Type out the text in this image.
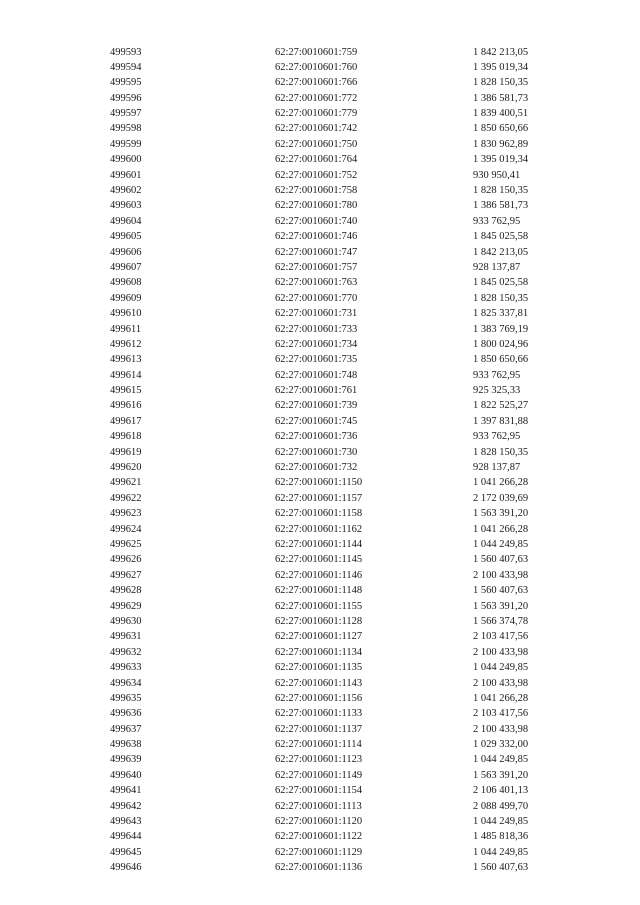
499593	62:27:0010601:759	1 842 213,05
499594	62:27:0010601:760	1 395 019,34
499595	62:27:0010601:766	1 828 150,35
499596	62:27:0010601:772	1 386 581,73
499597	62:27:0010601:779	1 839 400,51
499598	62:27:0010601:742	1 850 650,66
499599	62:27:0010601:750	1 830 962,89
499600	62:27:0010601:764	1 395 019,34
499601	62:27:0010601:752	930 950,41
499602	62:27:0010601:758	1 828 150,35
499603	62:27:0010601:780	1 386 581,73
499604	62:27:0010601:740	933 762,95
499605	62:27:0010601:746	1 845 025,58
499606	62:27:0010601:747	1 842 213,05
499607	62:27:0010601:757	928 137,87
499608	62:27:0010601:763	1 845 025,58
499609	62:27:0010601:770	1 828 150,35
499610	62:27:0010601:731	1 825 337,81
499611	62:27:0010601:733	1 383 769,19
499612	62:27:0010601:734	1 800 024,96
499613	62:27:0010601:735	1 850 650,66
499614	62:27:0010601:748	933 762,95
499615	62:27:0010601:761	925 325,33
499616	62:27:0010601:739	1 822 525,27
499617	62:27:0010601:745	1 397 831,88
499618	62:27:0010601:736	933 762,95
499619	62:27:0010601:730	1 828 150,35
499620	62:27:0010601:732	928 137,87
499621	62:27:0010601:1150	1 041 266,28
499622	62:27:0010601:1157	2 172 039,69
499623	62:27:0010601:1158	1 563 391,20
499624	62:27:0010601:1162	1 041 266,28
499625	62:27:0010601:1144	1 044 249,85
499626	62:27:0010601:1145	1 560 407,63
499627	62:27:0010601:1146	2 100 433,98
499628	62:27:0010601:1148	1 560 407,63
499629	62:27:0010601:1155	1 563 391,20
499630	62:27:0010601:1128	1 566 374,78
499631	62:27:0010601:1127	2 103 417,56
499632	62:27:0010601:1134	2 100 433,98
499633	62:27:0010601:1135	1 044 249,85
499634	62:27:0010601:1143	2 100 433,98
499635	62:27:0010601:1156	1 041 266,28
499636	62:27:0010601:1133	2 103 417,56
499637	62:27:0010601:1137	2 100 433,98
499638	62:27:0010601:1114	1 029 332,00
499639	62:27:0010601:1123	1 044 249,85
499640	62:27:0010601:1149	1 563 391,20
499641	62:27:0010601:1154	2 106 401,13
499642	62:27:0010601:1113	2 088 499,70
499643	62:27:0010601:1120	1 044 249,85
499644	62:27:0010601:1122	1 485 818,36
499645	62:27:0010601:1129	1 044 249,85
499646	62:27:0010601:1136	1 560 407,63
